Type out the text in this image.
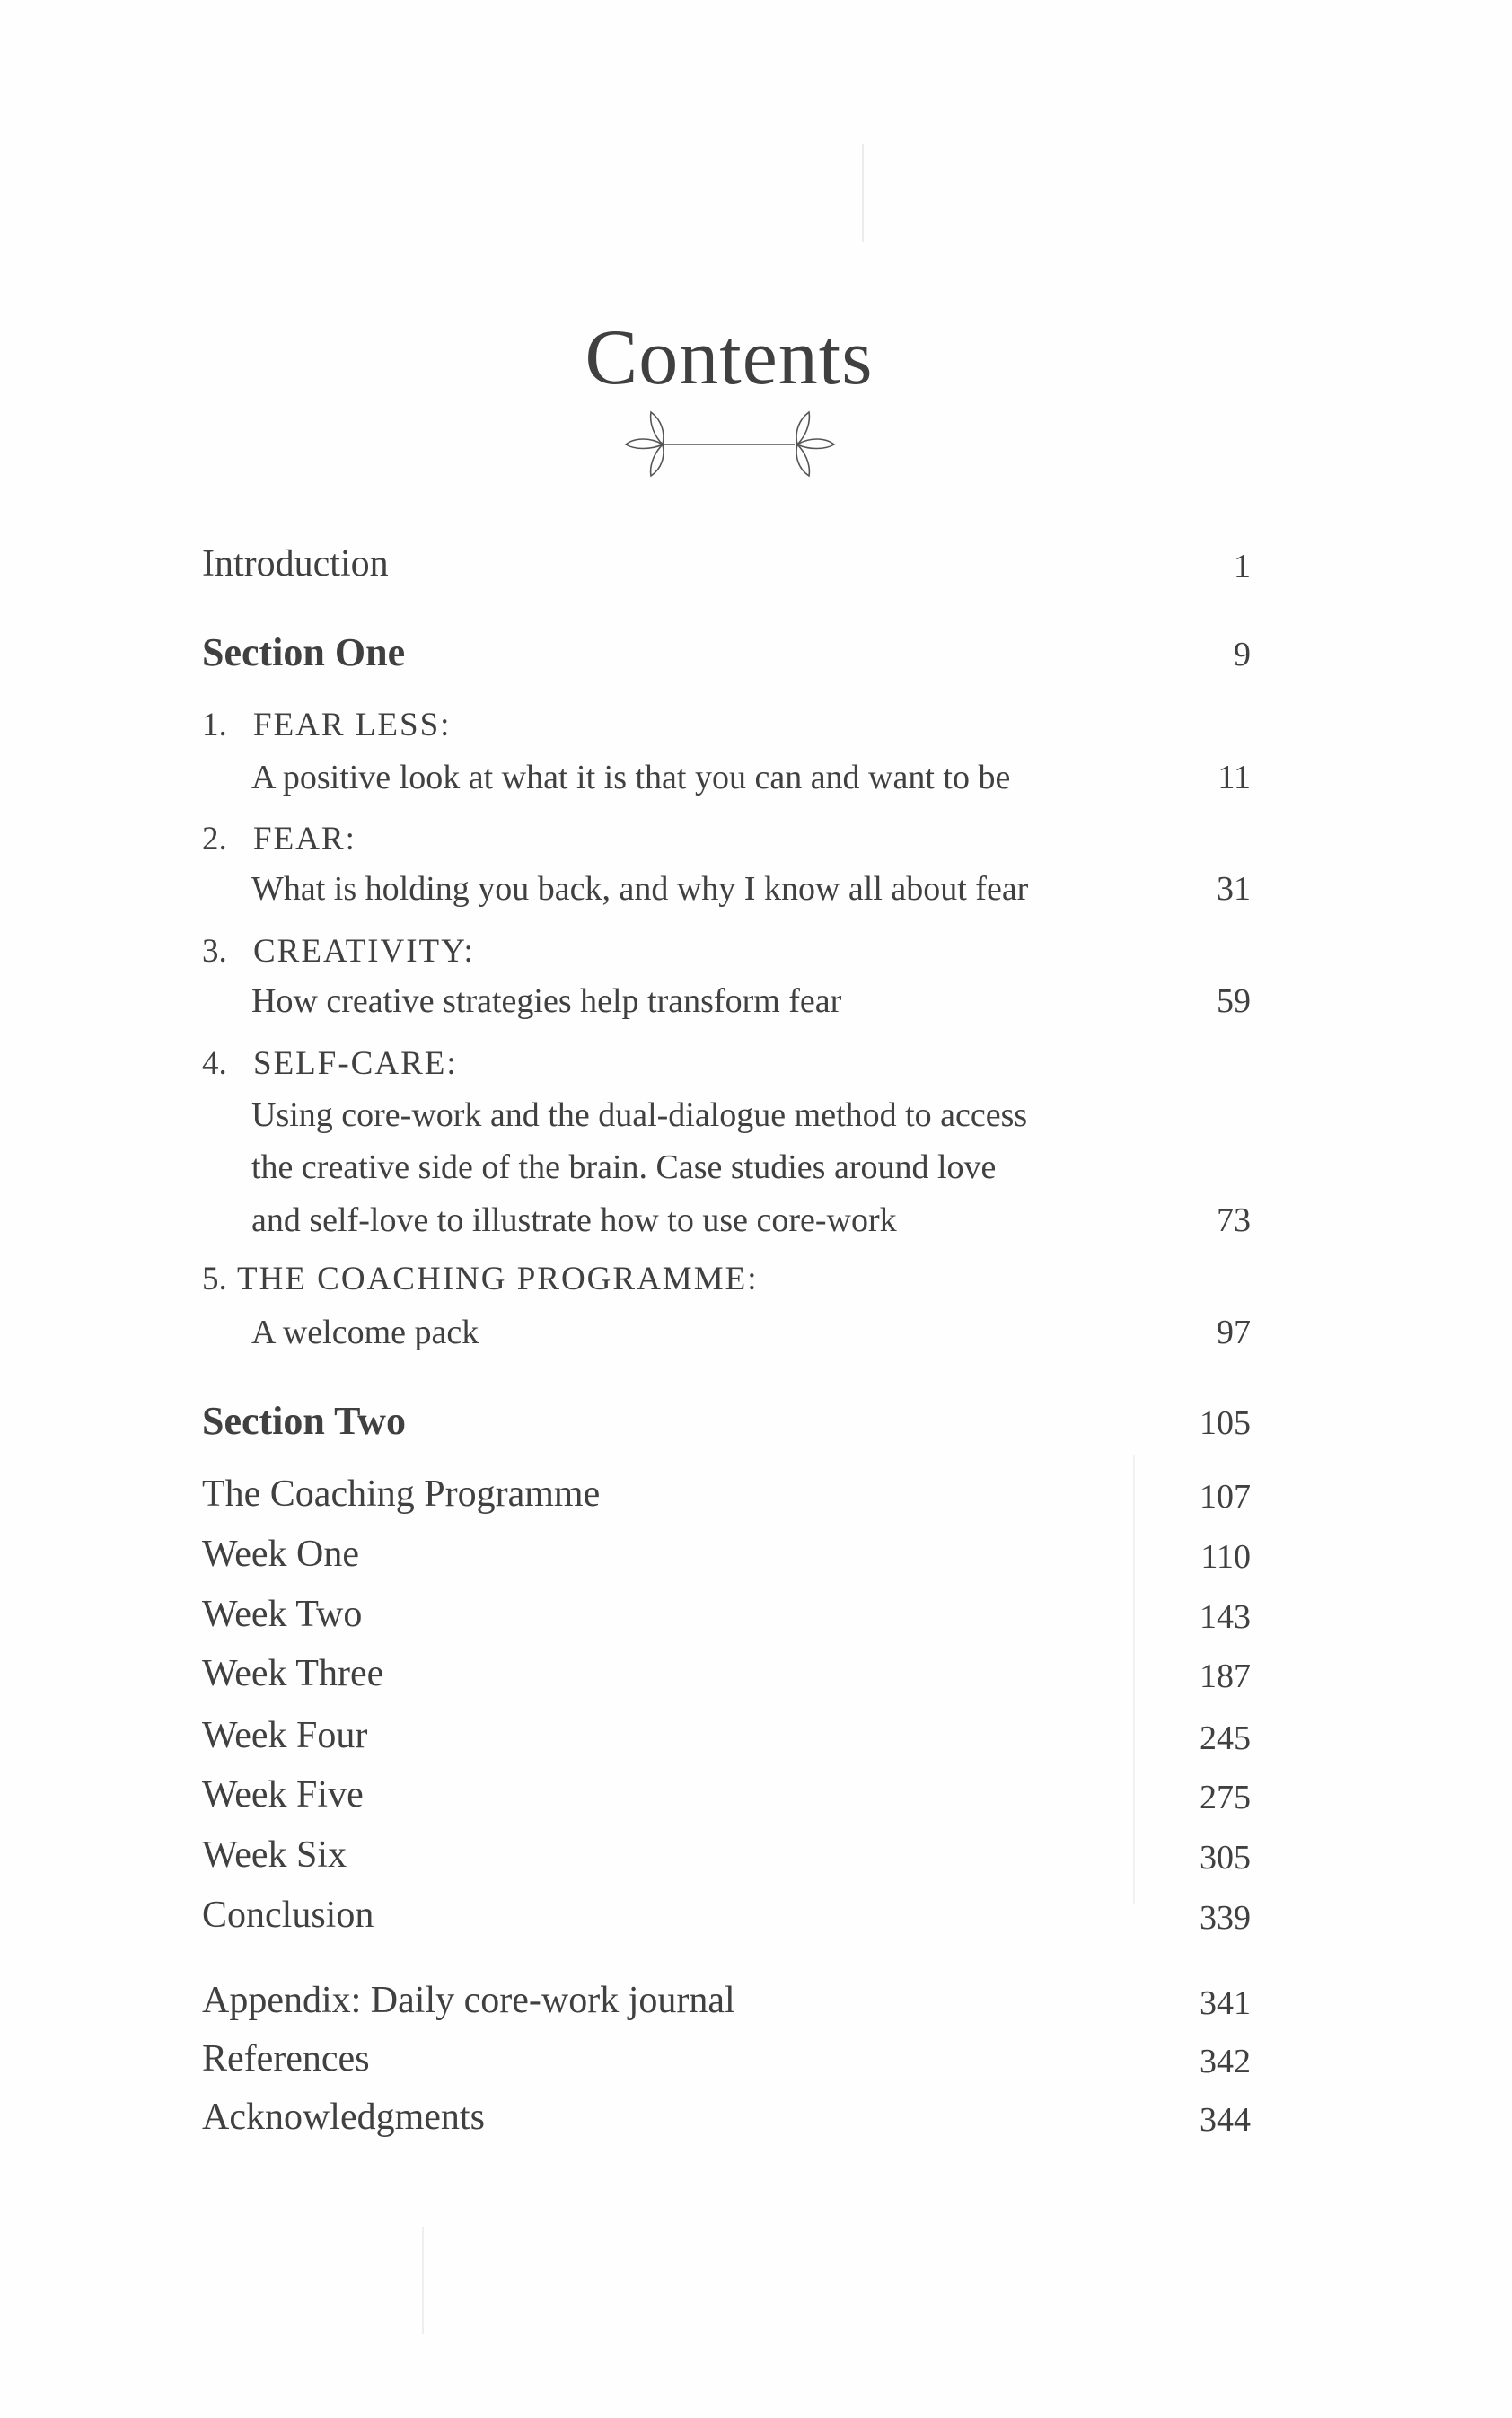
Contents
Introduction	1
Section One	9
1. FEAR LESS:
A positive look at what it is that you can and want to be	11
2. FEAR:
What is holding you back, and why I know all about fear	31
3. CREATIVITY:
How creative strategies help transform fear	59
4. SELF-CARE:
Using core-work and the dual-dialogue method to access
the creative side of the brain. Case studies around love
and self-love to illustrate how to use core-work	73
5. THE COACHING PROGRAMME:
A welcome pack	97
Section Two	105
The Coaching Programme	107
Week One	110
Week Two	143
Week Three	187
Week Four	245
Week Five	275
Week Six	305
Conclusion	339
Appendix: Daily core-work journal	341
References	342
Acknowledgments	344
